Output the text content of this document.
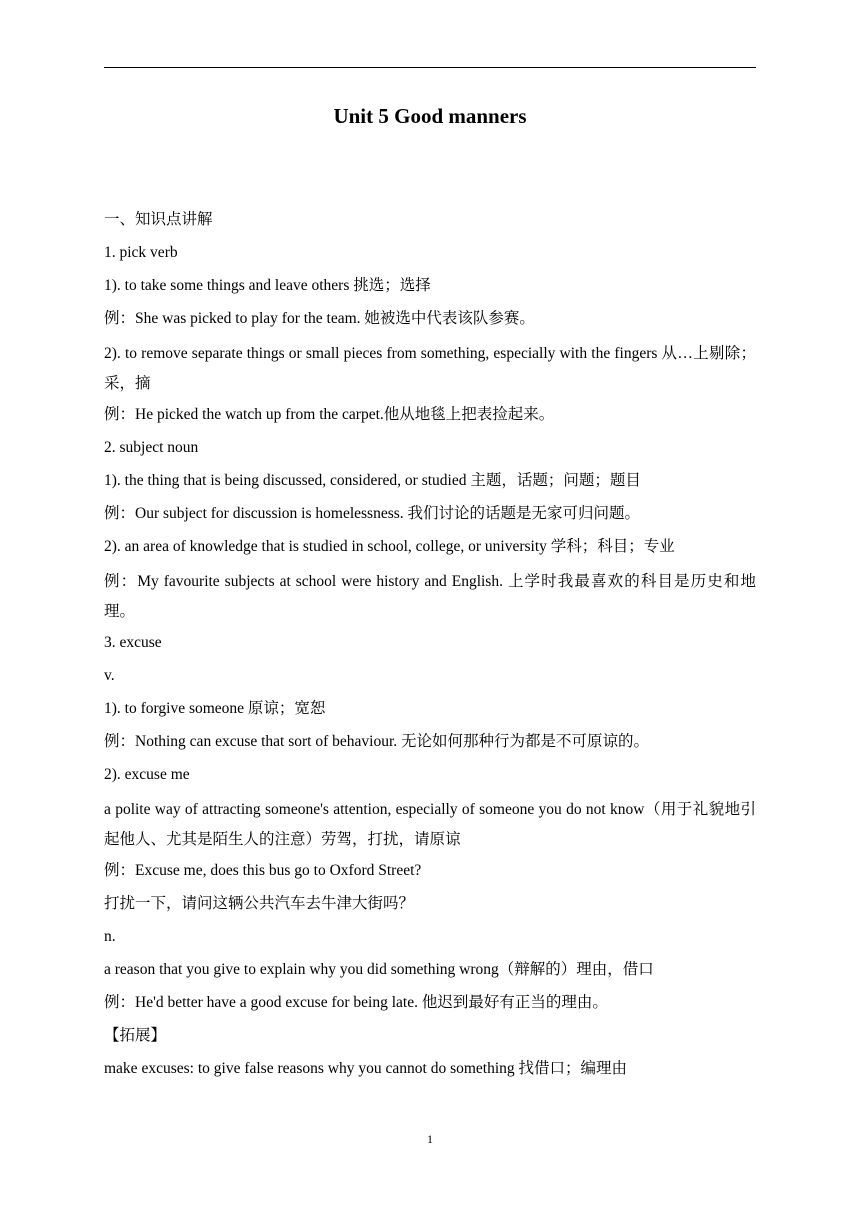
Unit 5 Good manners
一、知识点讲解
1. pick verb
1). to take some things and leave others 挑选；选择
例：She was picked to play for the team. 她被选中代表该队参赛。
2). to remove separate things or small pieces from something, especially with the fingers 从…上剔除；采，摘
例：He picked the watch up from the carpet.他从地毯上把表捡起来。
2. subject noun
1). the thing that is being discussed, considered, or studied 主题，话题；问题；题目
例：Our subject for discussion is homelessness. 我们讨论的话题是无家可归问题。
2). an area of knowledge that is studied in school, college, or university 学科；科目；专业
例：My favourite subjects at school were history and English. 上学时我最喜欢的科目是历史和地理。
3. excuse
v.
1). to forgive someone 原谅；宽恕
例：Nothing can excuse that sort of behaviour. 无论如何那种行为都是不可原谅的。
2). excuse me
a polite way of attracting someone's attention, especially of someone you do not know（用于礼貌地引起他人、尤其是陌生人的注意）劳驾，打扰，请原谅
例：Excuse me, does this bus go to Oxford Street?
打扰一下，请问这辆公共汽车去牛津大街吗？
n.
a reason that you give to explain why you did something wrong（辩解的）理由，借口
例：He'd better have a good excuse for being late. 他迟到最好有正当的理由。
【拓展】
make excuses: to give false reasons why you cannot do something 找借口；编理由
1
